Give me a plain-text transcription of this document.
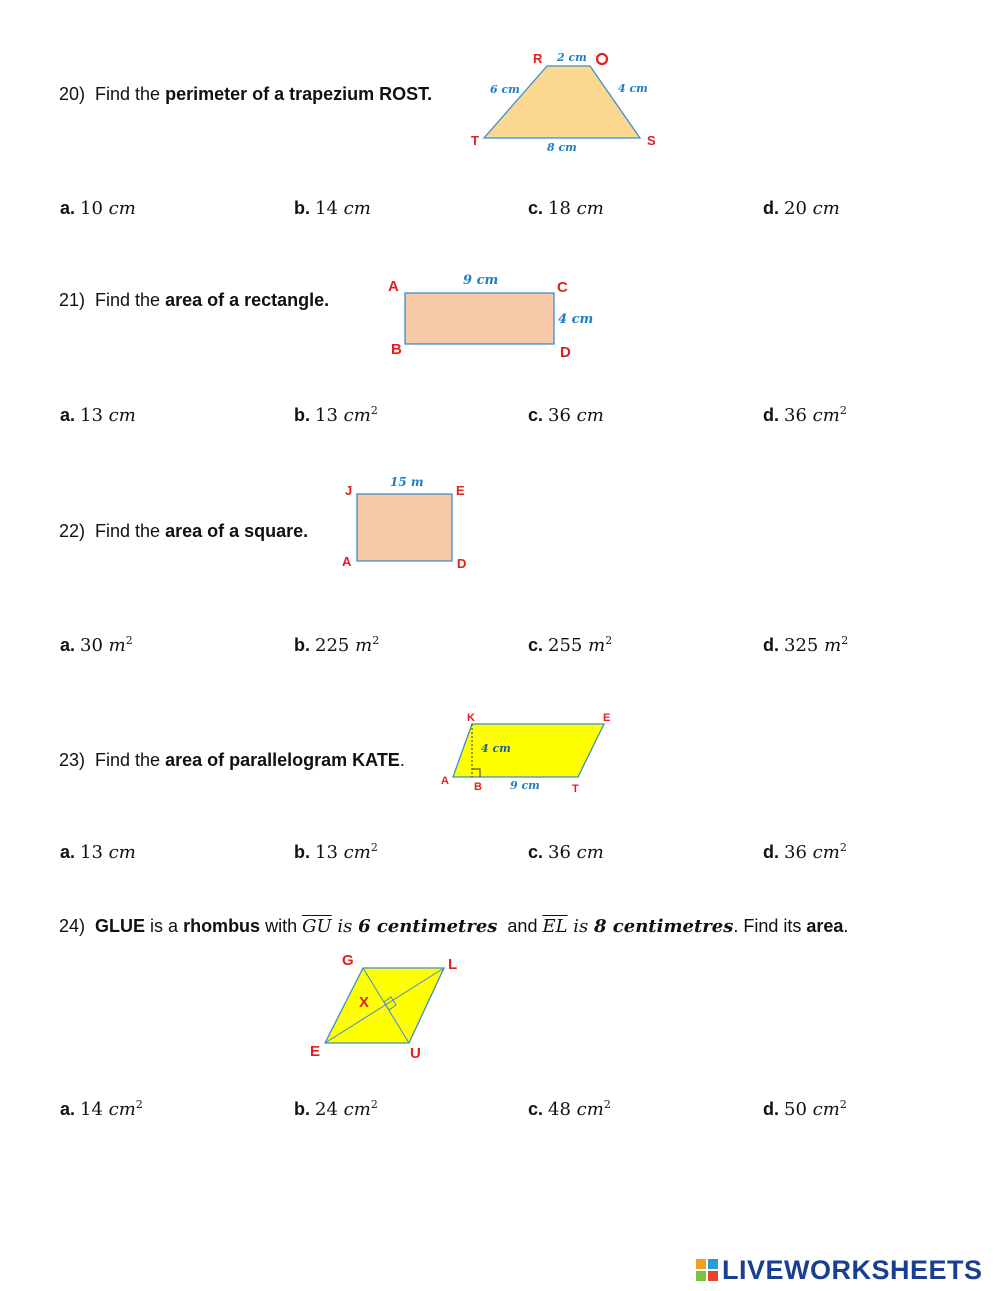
20) Find the perimeter of a trapezium ROST.
R
S
T
2 cm
6 cm	4 cm
8 cm
a. 10 cm	b. 14 cm	c. 18 cm	d. 20 cm
21) Find the area of a rectangle.
A	C
B	D
9 cm
4 cm
a. 13 cm	b. 13 $cm^2$	c. 36 cm	d. 36 $cm^2$
22) Find the area of a square.
J	E
A	D
15 m
a. 30 $m^2$	b. 225 $m^2$	c. 255 $m^2$	d. 325 $m^2$
23) Find the area of parallelogram KATE.
K	E
A B	T
4 cm
9 cm
a. 13 cm	b. 13 $cm^2$	c. 36 cm	d. 36 $cm^2$
24) GLUE is a rhombus with $\overline{GU}$ is 6 centimetres  and $\overline{EL}$ is 8 centimetres. Find its area.
G	L
E	U
X
a. 14 $cm^2$	b. 24 $cm^2$	c. 48 $cm^2$	d. 50 $cm^2$
LIVEWORKSHEETS
